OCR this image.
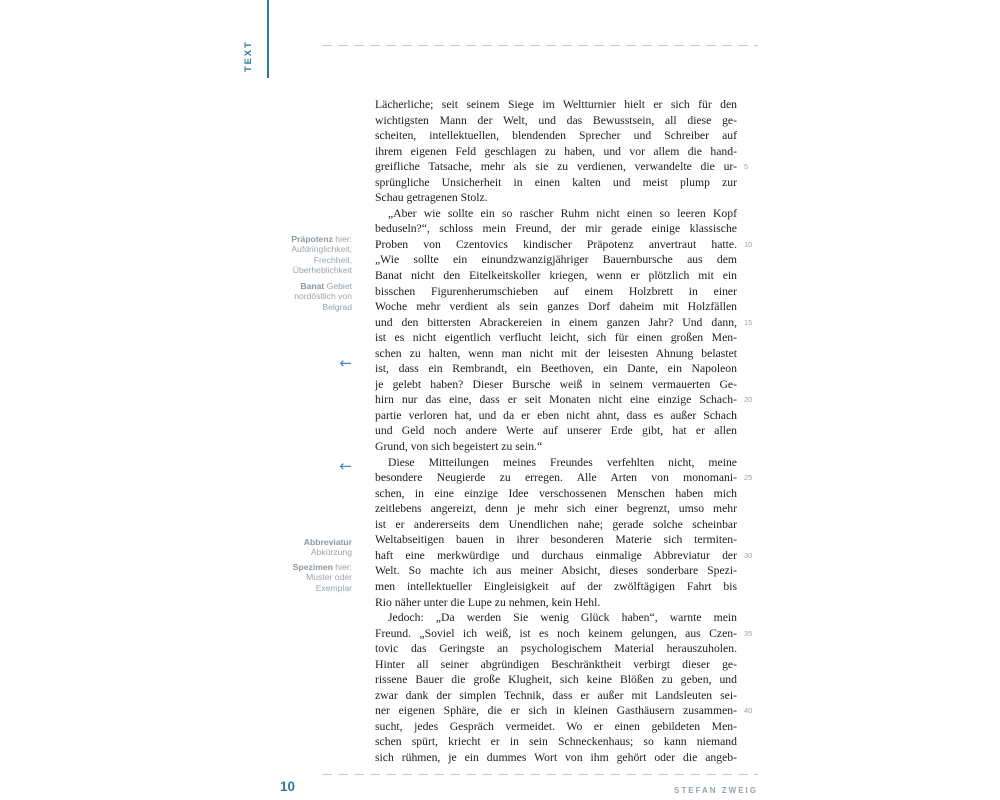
TEXT
Präpotenz hier:
Aufdringlichkeit,
Frechheit,
Überheblichkeit
Banat Gebiet
nordöstlich von
Belgrad
←
←
Abbreviatur
Abkürzung
Spezimen hier:
Muster oder
Exemplar
Lächerliche; seit seinem Siege im Weltturnier hielt er sich für den
wichtigsten Mann der Welt, und das Bewusstsein, all diese ge-
scheiten, intellektuellen, blendenden Sprecher und Schreiber auf
ihrem eigenen Feld geschlagen zu haben, und vor allem die hand-
greifliche Tatsache, mehr als sie zu verdienen, verwandelte die ur- 5
sprüngliche Unsicherheit in einen kalten und meist plump zur
Schau getragenen Stolz.
„Aber wie sollte ein so rascher Ruhm nicht einen so leeren Kopf
beduseln?“, schloss mein Freund, der mir gerade einige klassische
Proben von Czentovics kindischer Präpotenz anvertraut hatte. 10
„Wie sollte ein einundzwanzigjähriger Bauernbursche aus dem
Banat nicht den Eitelkeitskoller kriegen, wenn er plötzlich mit ein
bisschen Figurenherumschieben auf einem Holzbrett in einer
Woche mehr verdient als sein ganzes Dorf daheim mit Holzfällen
und den bittersten Abrackereien in einem ganzen Jahr? Und dann, 15
ist es nicht eigentlich verflucht leicht, sich für einen großen Men-
schen zu halten, wenn man nicht mit der leisesten Ahnung belastet
ist, dass ein Rembrandt, ein Beethoven, ein Dante, ein Napoleon
je gelebt haben? Dieser Bursche weiß in seinem vermauerten Ge-
hirn nur das eine, dass er seit Monaten nicht eine einzige Schach- 20
partie verloren hat, und da er eben nicht ahnt, dass es außer Schach
und Geld noch andere Werte auf unserer Erde gibt, hat er allen
Grund, von sich begeistert zu sein.“
Diese Mitteilungen meines Freundes verfehlten nicht, meine
besondere Neugierde zu erregen. Alle Arten von monomani- 25
schen, in eine einzige Idee verschossenen Menschen haben mich
zeitlebens angereizt, denn je mehr sich einer begrenzt, umso mehr
ist er andererseits dem Unendlichen nahe; gerade solche scheinbar
Weltabseitigen bauen in ihrer besonderen Materie sich termiten-
haft eine merkwürdige und durchaus einmalige Abbreviatur der 30
Welt. So machte ich aus meiner Absicht, dieses sonderbare Spezi-
men intellektueller Eingleisigkeit auf der zwölftägigen Fahrt bis
Rio näher unter die Lupe zu nehmen, kein Hehl.
Jedoch: „Da werden Sie wenig Glück haben“, warnte mein
Freund. „Soviel ich weiß, ist es noch keinem gelungen, aus Czen- 35
tovic das Geringste an psychologischem Material herauszuholen.
Hinter all seiner abgründigen Beschränktheit verbirgt dieser ge-
rissene Bauer die große Klugheit, sich keine Blößen zu geben, und
zwar dank der simplen Technik, dass er außer mit Landsleuten sei-
ner eigenen Sphäre, die er sich in kleinen Gasthäusern zusammen- 40
sucht, jedes Gespräch vermeidet. Wo er einen gebildeten Men-
schen spürt, kriecht er in sein Schneckenhaus; so kann niemand
sich rühmen, je ein dummes Wort von ihm gehört oder die angeb-
10	STEFAN ZWEIG
